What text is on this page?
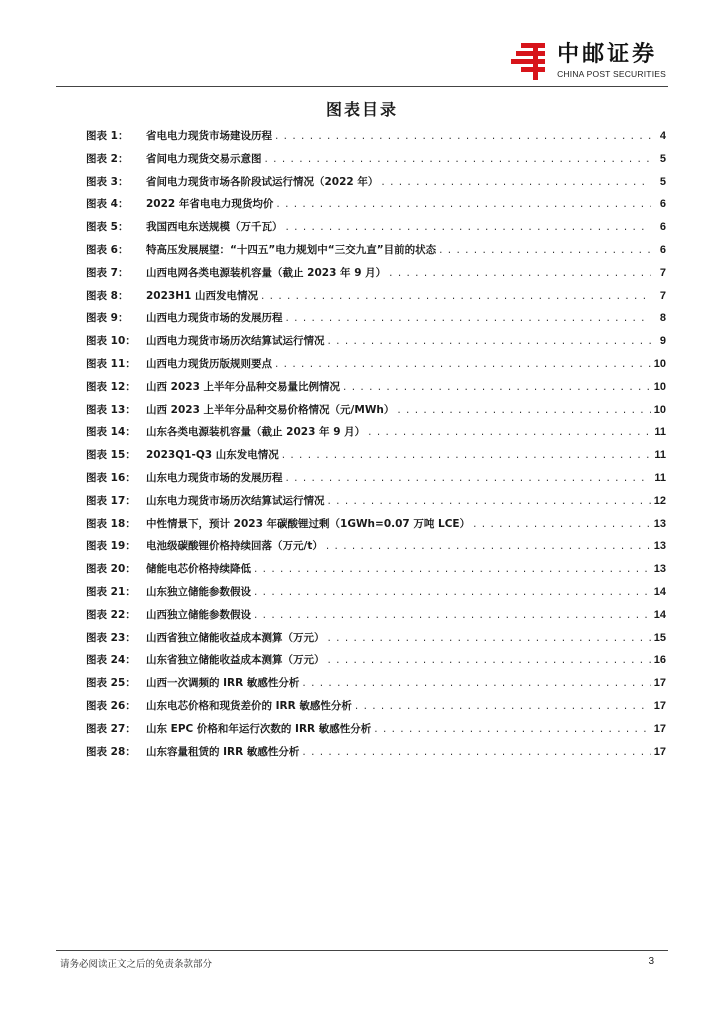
中邮证券
CHINA POST SECURITIES
图表目录
图表 1：	省电电力现货市场建设历程 . . .	4
图表 2：	省间电力现货交易示意图 . . .	5
图表 3：	省间电力现货市场各阶段试运行情况（2022 年） . . .	5
图表 4：	2022 年省电电力现货均价 . . .	6
图表 5：	我国西电东送规模（万千瓦） . . .	6
图表 6：	特高压发展展望：“十四五”电力规划中“三交九直”目前的状态 . . .	6
图表 7：	山西电网各类电源装机容量（截止 2023 年 9 月） . . .	7
图表 8：	2023H1 山西发电情况 . . .	7
图表 9：	山西电力现货市场的发展历程 . . .	8
图表 10： 山西电力现货市场历次结算试运行情况 . . .	9
图表 11： 山西电力现货历版规则要点 . . .	10
图表 12： 山西 2023 上半年分品种交易量比例情况 . . .	10
图表 13： 山西 2023 上半年分品种交易价格情况（元/MWh） . . .	10
图表 14： 山东各类电源装机容量（截止 2023 年 9 月） . . .	11
图表 15： 2023Q1-Q3 山东发电情况 . . .	11
图表 16： 山东电力现货市场的发展历程 . . .	11
图表 17： 山东电力现货市场历次结算试运行情况 . . .	12
图表 18： 中性情景下，预计 2023 年碳酸锂过剩（1GWh=0.07 万吨 LCE） . . .	13
图表 19： 电池级碳酸锂价格持续回落（万元/t） . . .	13
图表 20： 储能电芯价格持续降低 . . .	13
图表 21： 山东独立储能参数假设 . . .	14
图表 22： 山西独立储能参数假设 . . .	14
图表 23： 山西省独立储能收益成本测算（万元） . . .	15
图表 24： 山东省独立储能收益成本测算（万元） . . .	16
图表 25： 山西一次调频的 IRR 敏感性分析 . . .	17
图表 26： 山东电芯价格和现货差价的 IRR 敏感性分析 . . .	17
图表 27： 山东 EPC 价格和年运行次数的 IRR 敏感性分析 . . .	17
图表 28： 山东容量租赁的 IRR 敏感性分析 . . .	17
请务必阅读正文之后的免责条款部分	3
